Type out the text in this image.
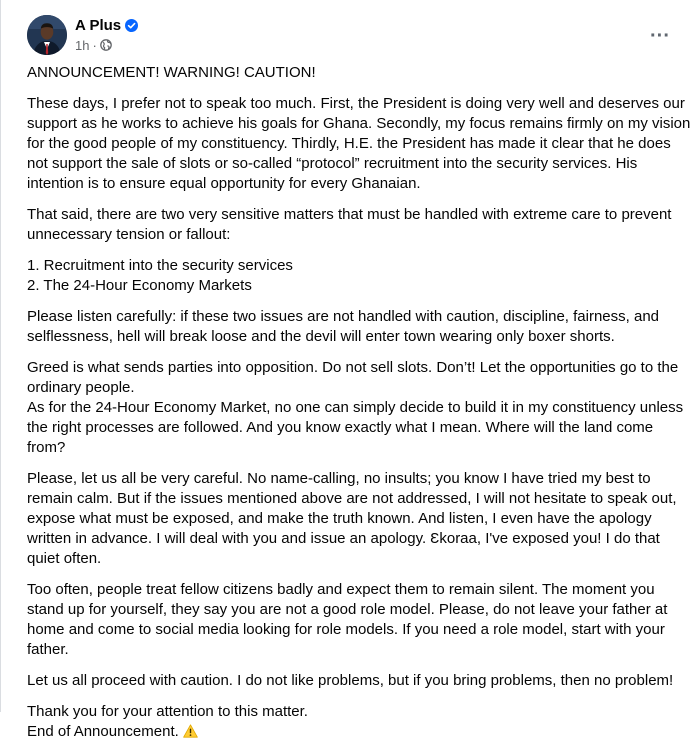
A Plus
1h ·	···

ANNOUNCEMENT! WARNING! CAUTION!

These days, I prefer not to speak too much. First, the President is doing very well and deserves our support as he works to achieve his goals for Ghana. Secondly, my focus remains firmly on my vision for the good people of my constituency. Thirdly, H.E. the President has made it clear that he does not support the sale of slots or so-called “protocol” recruitment into the security services. His intention is to ensure equal opportunity for every Ghanaian.

That said, there are two very sensitive matters that must be handled with extreme care to prevent unnecessary tension or fallout:

1. Recruitment into the security services
2. The 24-Hour Economy Markets

Please listen carefully: if these two issues are not handled with caution, discipline, fairness, and selflessness, hell will break loose and the devil will enter town wearing only boxer shorts.

Greed is what sends parties into opposition. Do not sell slots. Don’t! Let the opportunities go to the ordinary people.
As for the 24-Hour Economy Market, no one can simply decide to build it in my constituency unless the right processes are followed. And you know exactly what I mean. Where will the land come from?

Please, let us all be very careful. No name-calling, no insults; you know I have tried my best to remain calm. But if the issues mentioned above are not addressed, I will not hesitate to speak out, expose what must be exposed, and make the truth known. And listen, I even have the apology written in advance. I will deal with you and issue an apology. Ɛkoraa, I've exposed you! I do that quiet often.

Too often, people treat fellow citizens badly and expect them to remain silent. The moment you stand up for yourself, they say you are not a good role model. Please, do not leave your father at home and come to social media looking for role models. If you need a role model, start with your father.

Let us all proceed with caution. I do not like problems, but if you bring problems, then no problem!

Thank you for your attention to this matter.
End of Announcement.
